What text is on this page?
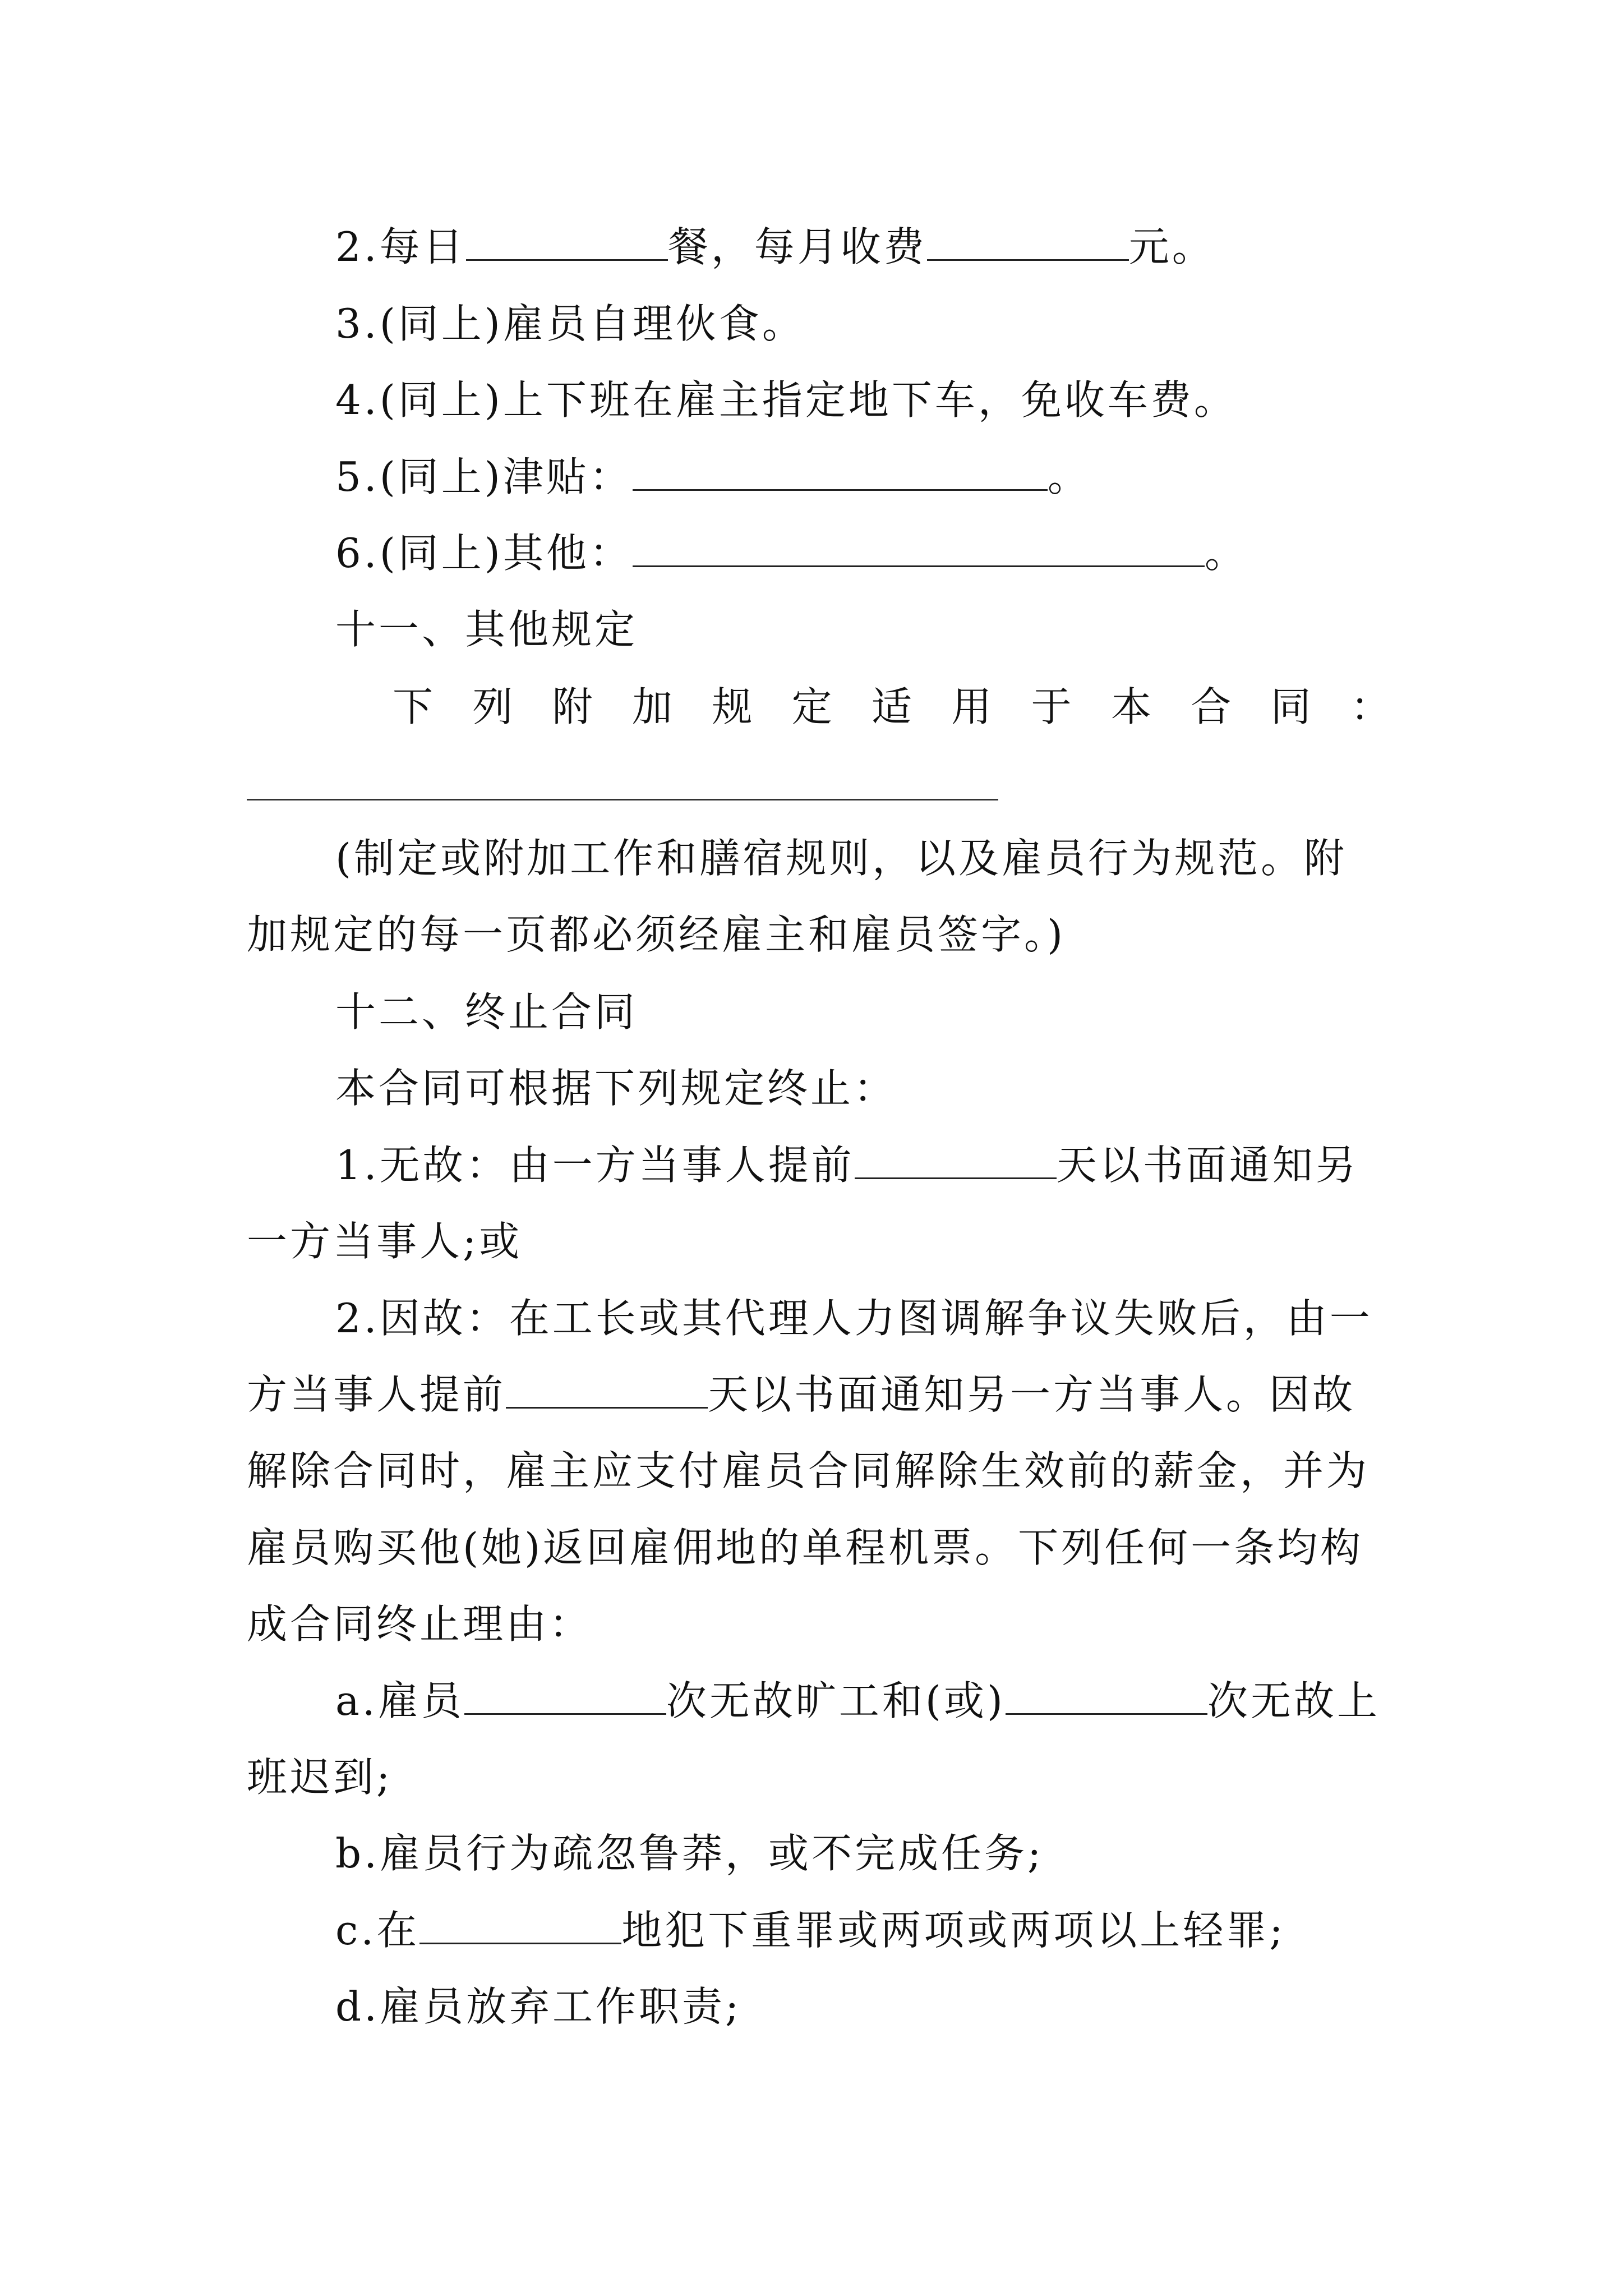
2.每日	餐，每月收费	元。
3.(同上)雇员自理伙食。
4.(同上)上下班在雇主指定地下车，免收车费。
5.(同上)津贴：	。
6.(同上)其他：	。
十一、其他规定
下 列 附 加 规 定 适 用 于 本 合 同 ：
(制定或附加工作和膳宿规则，以及雇员行为规范。附
加规定的每一页都必须经雇主和雇员签字。)
十二、终止合同
本合同可根据下列规定终止：
1.无故：由一方当事人提前	天以书面通知另
一方当事人;或
2.因故：在工长或其代理人力图调解争议失败后，由一
方当事人提前	天以书面通知另一方当事人。因故
解除合同时，雇主应支付雇员合同解除生效前的薪金，并为
雇员购买他(她)返回雇佣地的单程机票。下列任何一条均构
成合同终止理由：
a.雇员	次无故旷工和(或)	次无故上
班迟到;
b.雇员行为疏忽鲁莽，或不完成任务;
c.在	地犯下重罪或两项或两项以上轻罪;
d.雇员放弃工作职责;
